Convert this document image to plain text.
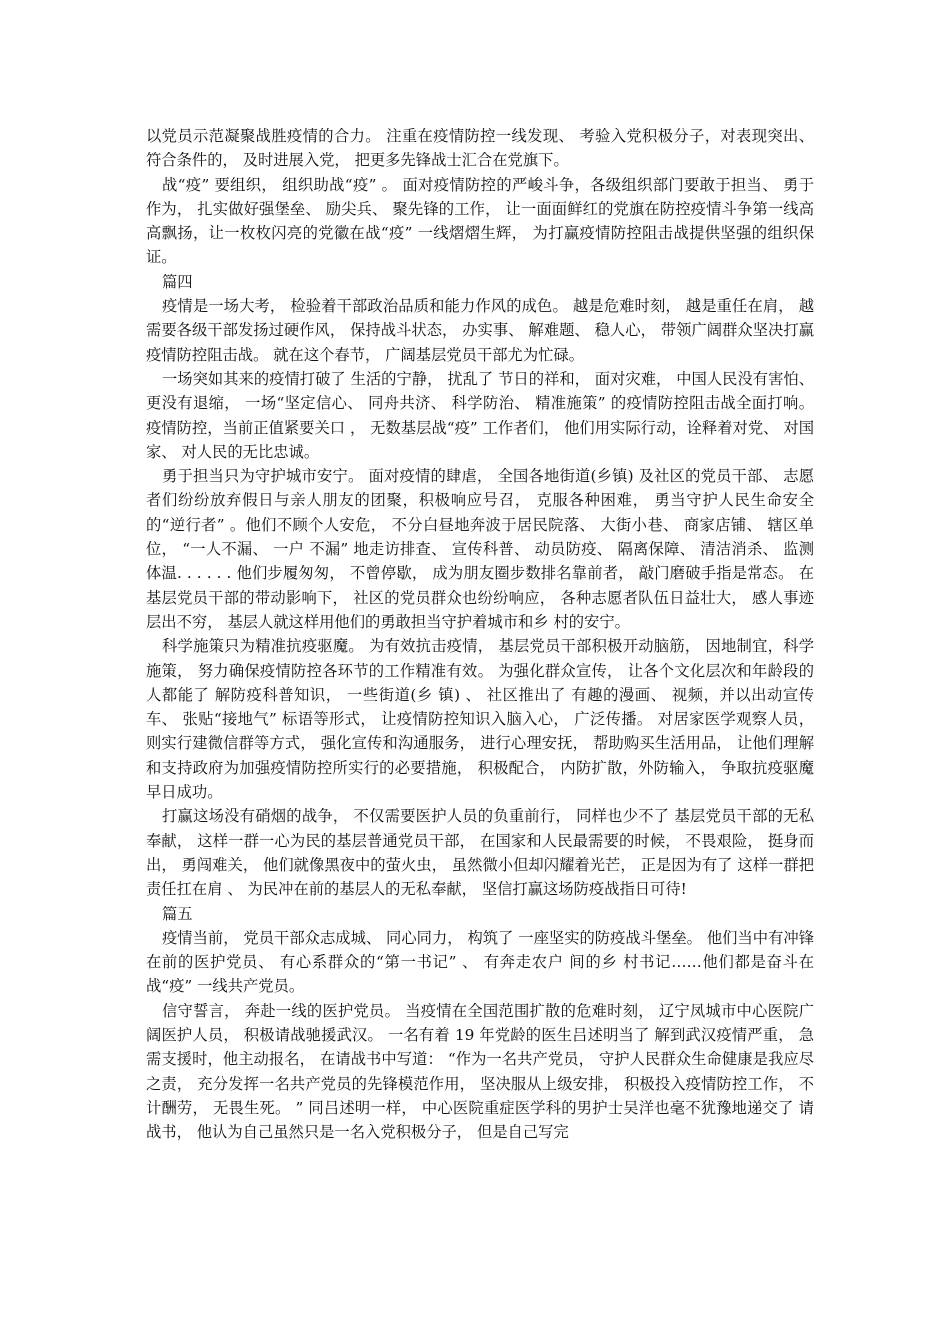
以党员示范凝聚战胜疫情的合力。 注重在疫情防控一线发现、 考验入党积极分子，对表现突出、 符合条件的， 及时进展入党， 把更多先锋战士汇合在党旗下。

战“疫” 要组织， 组织助战“疫” 。 面对疫情防控的严峻斗争，各级组织部门要敢于担当、 勇于作为， 扎实做好强堡垒、 励尖兵、 聚先锋的工作， 让一面面鲜红的党旗在防控疫情斗争第一线高高飘扬，让一枚枚闪亮的党徽在战“疫” 一线熠熠生辉， 为打赢疫情防控阻击战提供坚强的组织保证。

篇四

疫情是一场大考， 检验着干部政治品质和能力作风的成色。 越是危难时刻， 越是重任在肩， 越需要各级干部发扬过硬作风， 保持战斗状态， 办实事、 解难题、 稳人心， 带领广阔群众坚决打赢疫情防控阻击战。 就在这个春节， 广阔基层党员干部尤为忙碌。

一场突如其来的疫情打破了 生活的宁静， 扰乱了 节日的祥和， 面对灾难， 中国人民没有害怕、 更没有退缩， 一场“坚定信心、 同舟共济、 科学防治、 精准施策” 的疫情防控阻击战全面打响。 疫情防控，当前正值紧要关口 ， 无数基层战“疫” 工作者们， 他们用实际行动，诠释着对党、 对国家、 对人民的无比忠诚。

勇于担当只为守护城市安宁。 面对疫情的肆虐， 全国各地街道(乡镇) 及社区的党员干部、 志愿者们纷纷放弃假日与亲人朋友的团聚，积极响应号召， 克服各种困难， 勇当守护人民生命安全的“逆行者” 。他们不顾个人安危， 不分白昼地奔波于居民院落、 大街小巷、 商家店铺、 辖区单位， “一人不漏、 一户 不漏” 地走访排查、 宣传科普、 动员防疫、 隔离保障、 清洁消杀、 监测体温. . . . . . 他们步履匆匆， 不曾停歇， 成为朋友圈步数排名靠前者， 敲门磨破手指是常态。 在基层党员干部的带动影响下， 社区的党员群众也纷纷响应， 各种志愿者队伍日益壮大， 感人事迹层出不穷， 基层人就这样用他们的勇敢担当守护着城市和乡 村的安宁。

科学施策只为精准抗疫驱魔。 为有效抗击疫情， 基层党员干部积极开动脑筋， 因地制宜，科学施策， 努力确保疫情防控各环节的工作精准有效。 为强化群众宣传， 让各个文化层次和年龄段的人都能了 解防疫科普知识， 一些街道(乡 镇) 、 社区推出了 有趣的漫画、 视频，并以出动宣传车、 张贴“接地气” 标语等形式， 让疫情防控知识入脑入心， 广泛传播。 对居家医学观察人员， 则实行建微信群等方式， 强化宣传和沟通服务， 进行心理安抚， 帮助购买生活用品， 让他们理解和支持政府为加强疫情防控所实行的必要措施， 积极配合， 内防扩散，外防输入， 争取抗疫驱魔早日成功。

打赢这场没有硝烟的战争， 不仅需要医护人员的负重前行， 同样也少不了 基层党员干部的无私奉献， 这样一群一心为民的基层普通党员干部， 在国家和人民最需要的时候， 不畏艰险， 挺身而出， 勇闯难关， 他们就像黑夜中的萤火虫， 虽然微小但却闪耀着光芒， 正是因为有了 这样一群把责任扛在肩 、 为民冲在前的基层人的无私奉献， 坚信打赢这场防疫战指日可待!

篇五

疫情当前， 党员干部众志成城、 同心同力， 构筑了 一座坚实的防疫战斗堡垒。 他们当中有冲锋在前的医护党员、 有心系群众的“第一书记” 、 有奔走农户 间的乡 村书记……他们都是奋斗在战“疫” 一线共产党员。

信守誓言， 奔赴一线的医护党员。 当疫情在全国范围扩散的危难时刻， 辽宁凤城市中心医院广阔医护人员， 积极请战驰援武汉。 一名有着 19 年党龄的医生吕述明当了 解到武汉疫情严重， 急需支援时，他主动报名， 在请战书中写道： “作为一名共产党员， 守护人民群众生命健康是我应尽之责， 充分发挥一名共产党员的先锋模范作用， 坚决服从上级安排， 积极投入疫情防控工作， 不计酬劳， 无畏生死。 ” 同吕述明一样， 中心医院重症医学科的男护士吴洋也毫不犹豫地递交了 请战书， 他认为自己虽然只是一名入党积极分子， 但是自己写完
